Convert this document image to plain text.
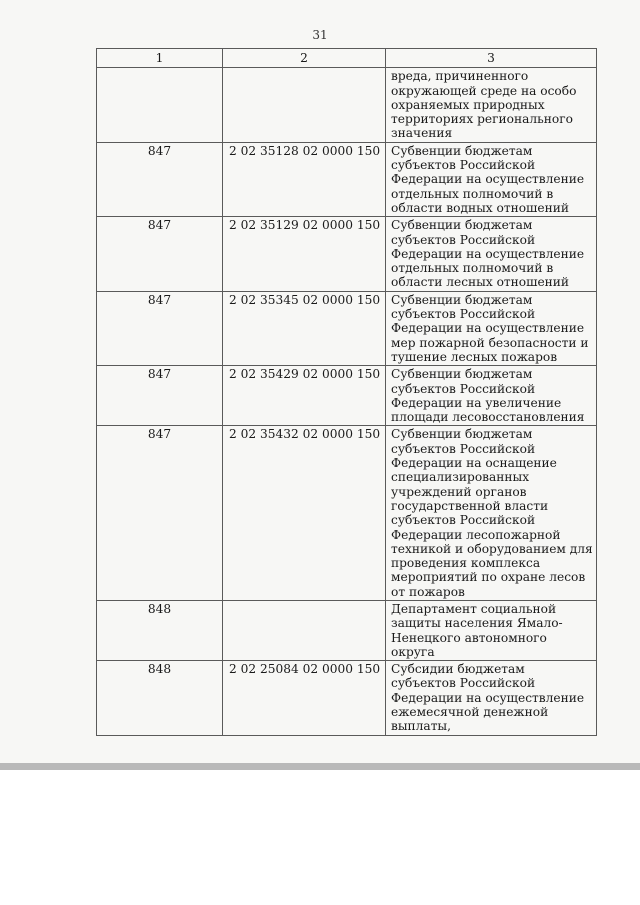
31
1	2	3
		вреда, причиненного окружающей среде на особо охраняемых природных территориях регионального значения
847	2 02 35128 02 0000 150	Субвенции бюджетам субъектов Российской Федерации на осуществление отдельных полномочий в области водных отношений
847	2 02 35129 02 0000 150	Субвенции бюджетам субъектов Российской Федерации на осуществление отдельных полномочий в области лесных отношений
847	2 02 35345 02 0000 150	Субвенции бюджетам субъектов Российской Федерации на осуществление мер пожарной безопасности и тушение лесных пожаров
847	2 02 35429 02 0000 150	Субвенции бюджетам субъектов Российской Федерации на увеличение площади лесовосстановления
847	2 02 35432 02 0000 150	Субвенции бюджетам субъектов Российской Федерации на оснащение специализированных учреждений органов государственной власти субъектов Российской Федерации лесопожарной техникой и оборудованием для проведения комплекса мероприятий по охране лесов от пожаров
848		Департамент социальной защиты населения Ямало-Ненецкого автономного округа
848	2 02 25084 02 0000 150	Субсидии бюджетам субъектов Российской Федерации на осуществление ежемесячной денежной выплаты,
